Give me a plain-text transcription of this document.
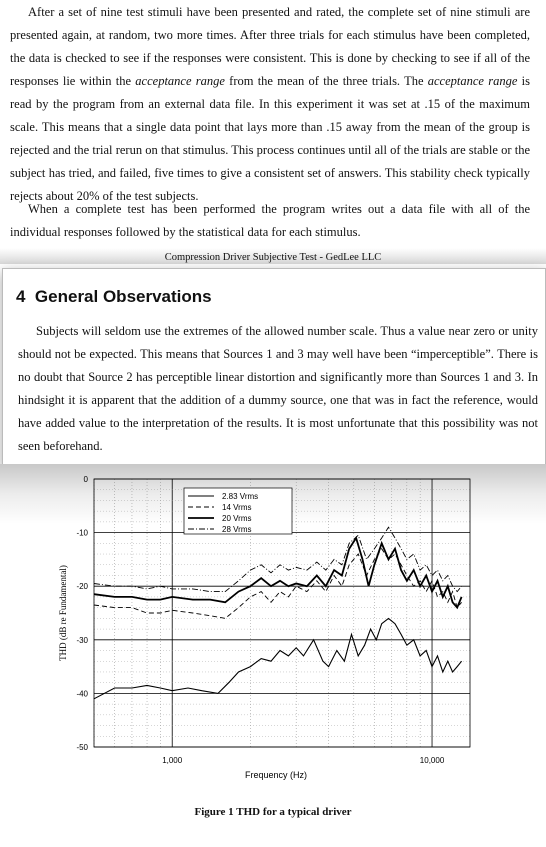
After a set of nine test stimuli have been presented and rated, the complete set of nine stimuli are presented again, at random, two more times. After three trials for each stimulus have been completed, the data is checked to see if the responses were consistent. This is done by checking to see if all of the responses lie within the acceptance range from the mean of the three trials. The acceptance range is read by the program from an external data file. In this experiment it was set at .15 of the maximum scale. This means that a single data point that lays more than .15 away from the mean of the group is rejected and the trial rerun on that stimulus. This process continues until all of the trials are stable or the subject has tried, and failed, five times to give a consistent set of answers. This stability check typically rejects about 20% of the test subjects.
When a complete test has been performed the program writes out a data file with all of the individual responses followed by the statistical data for each stimulus.
Compression Driver Subjective Test - GedLee LLC
4 General Observations
Subjects will seldom use the extremes of the allowed number scale. Thus a value near zero or unity should not be expected. This means that Sources 1 and 3 may well have been “imperceptible”. There is no doubt that Source 2 has perceptible linear distortion and significantly more than Sources 1 and 3. In hindsight it is apparent that the addition of a dummy source, one that was in fact the reference, would have added value to the interpretation of the results. It is most unfortunate that this possibility was not seen beforehand.
0
-10
-20
-30
-40
-50
1,000	10,000
2.83 Vrms
14 Vrms
20 Vrms
28 Vrms
Frequency (Hz)
THD (dB re Fundamental)
Figure 1 THD for a typical driver
